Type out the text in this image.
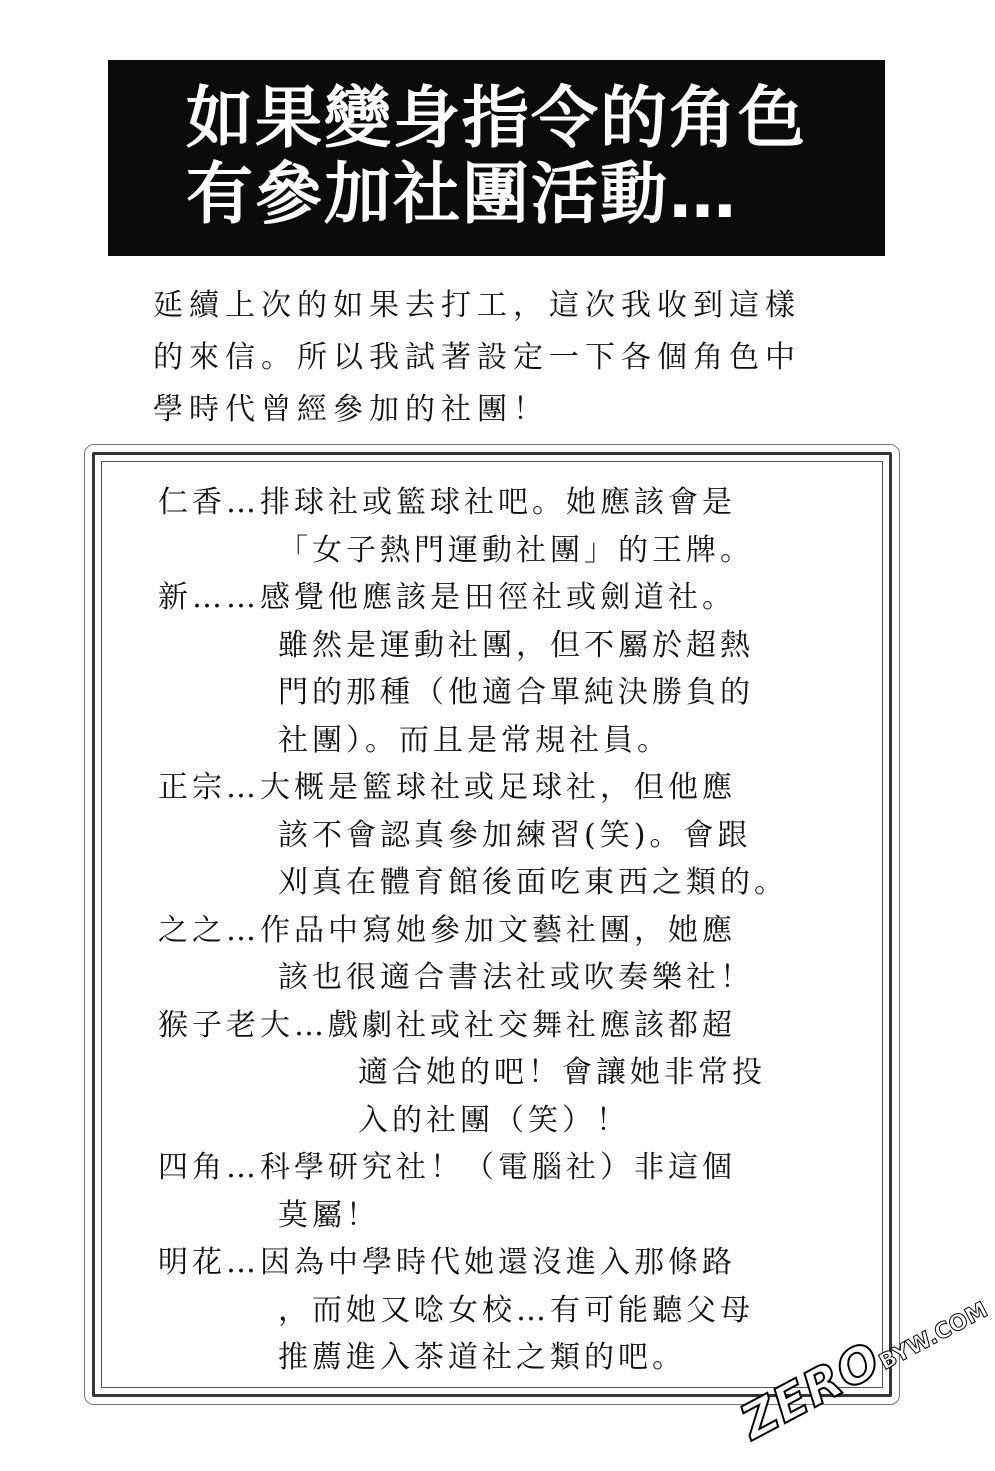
如果變身指令的角色
有參加社團活動…
延續上次的如果去打工，這次我收到這樣
的來信。所以我試著設定一下各個角色中
學時代曾經參加的社團！
仁香…排球社或籃球社吧。她應該會是
「女子熱門運動社團」的王牌。
新……感覺他應該是田徑社或劍道社。
雖然是運動社團，但不屬於超熱
門的那種（他適合單純決勝負的
社團）。而且是常規社員。
正宗…大概是籃球社或足球社，但他應
該不會認真參加練習(笑)。會跟
刈真在體育館後面吃東西之類的。
之之…作品中寫她參加文藝社團，她應
該也很適合書法社或吹奏樂社！
猴子老大…戲劇社或社交舞社應該都超
適合她的吧！會讓她非常投
入的社團（笑）！
四角…科學研究社！（電腦社）非這個
莫屬！
明花…因為中學時代她還沒進入那條路
，而她又唸女校…有可能聽父母
推薦進入茶道社之類的吧。 ZEROBYW.COM
